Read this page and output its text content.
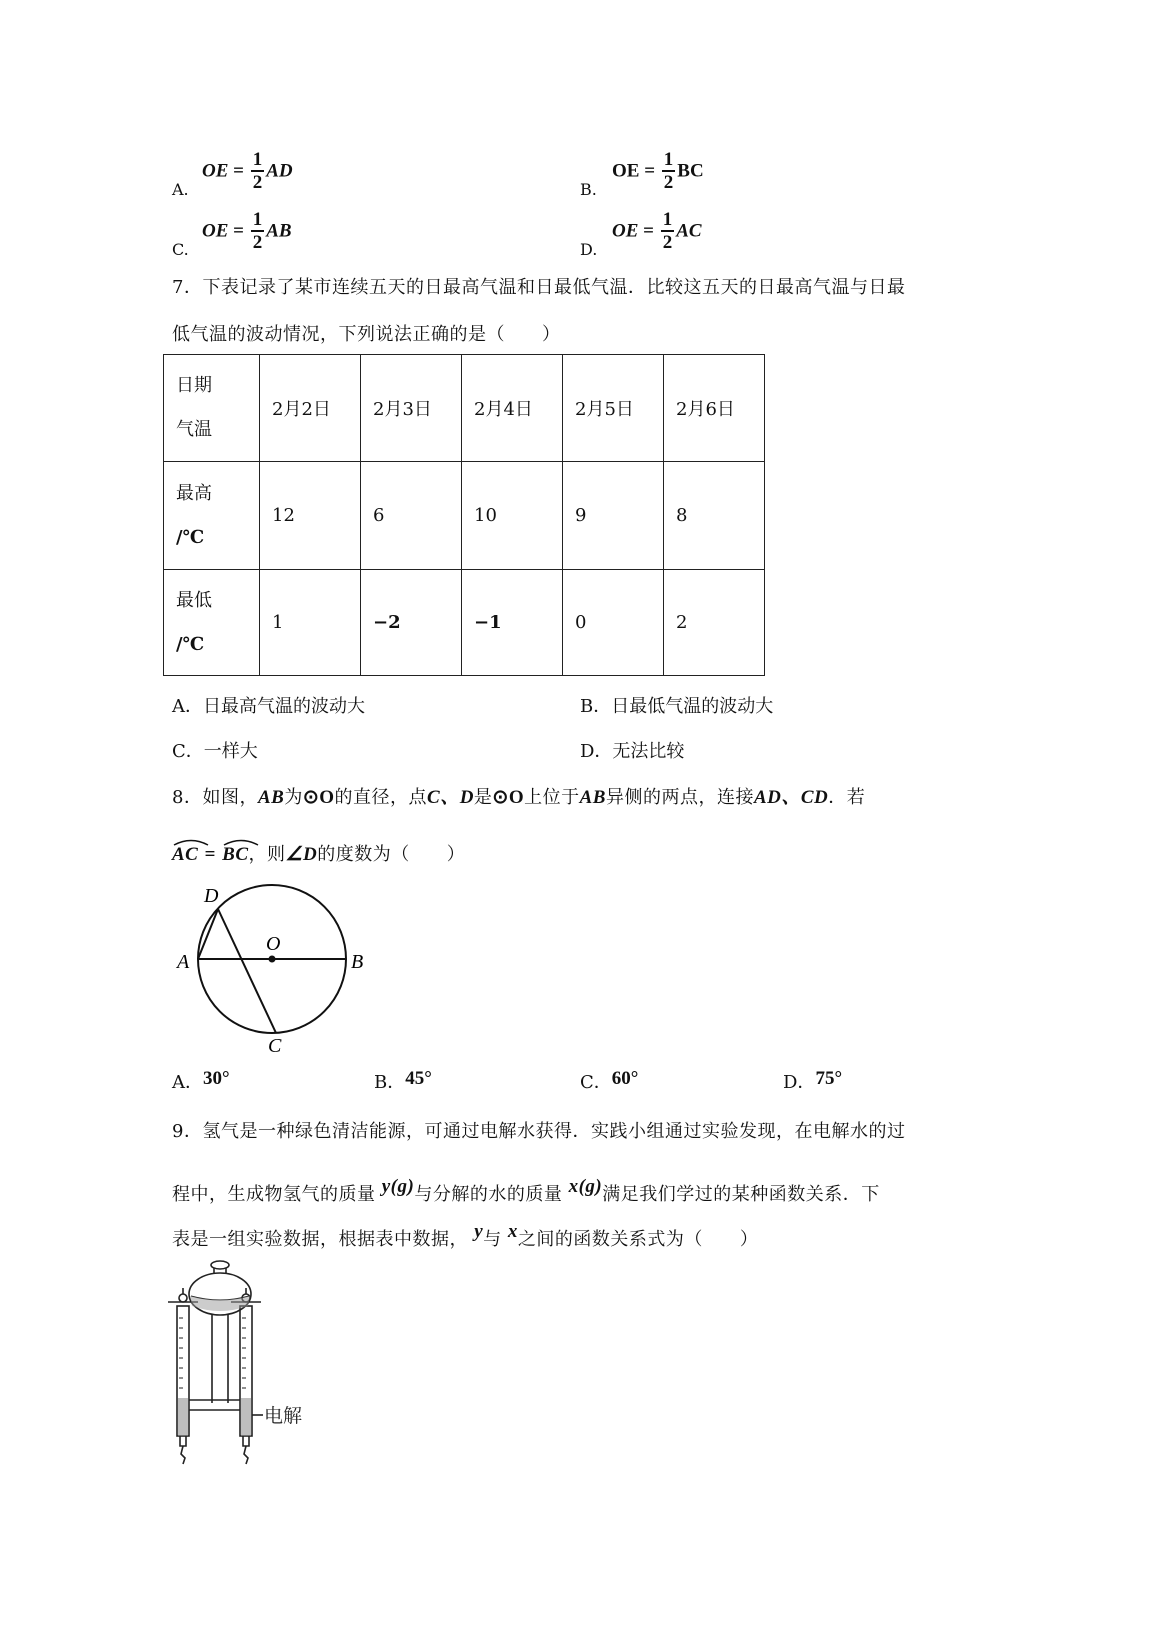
A.
OE = $\frac{1}{2}$ AD
B.
OE = $\frac{1}{2}$ BC
C.
OE = $\frac{1}{2}$ AB
D.
OE = $\frac{1}{2}$ AC
7．下表记录了某市连续五天的日最高气温和日最低气温．比较这五天的日最高气温与日最
低气温的波动情况，下列说法正确的是（　　）
日期
气温	2月2日	2月3日	2月4日	2月5日	2月6日

最高
/℃	12	6	10	9	8

最低
/℃	1	−2	−1	0	2
A．日最高气温的波动大	B．日最低气温的波动大
C．一样大	D．无法比较
8．如图，AB为⊙O的直径，点C、D是⊙O上位于AB异侧的两点，连接AD、CD．若
AC = BC，则∠D的度数为（　　）
D
O
A	B
C
A．30°	B．45°	C．60°	D．75°
9．氢气是一种绿色清洁能源，可通过电解水获得．实践小组通过实验发现，在电解水的过
程中，生成物氢气的质量 y(g)与分解的水的质量 x(g)满足我们学过的某种函数关系．下
表是一组实验数据，根据表中数据， y与 x之间的函数关系式为（　　）
电解
